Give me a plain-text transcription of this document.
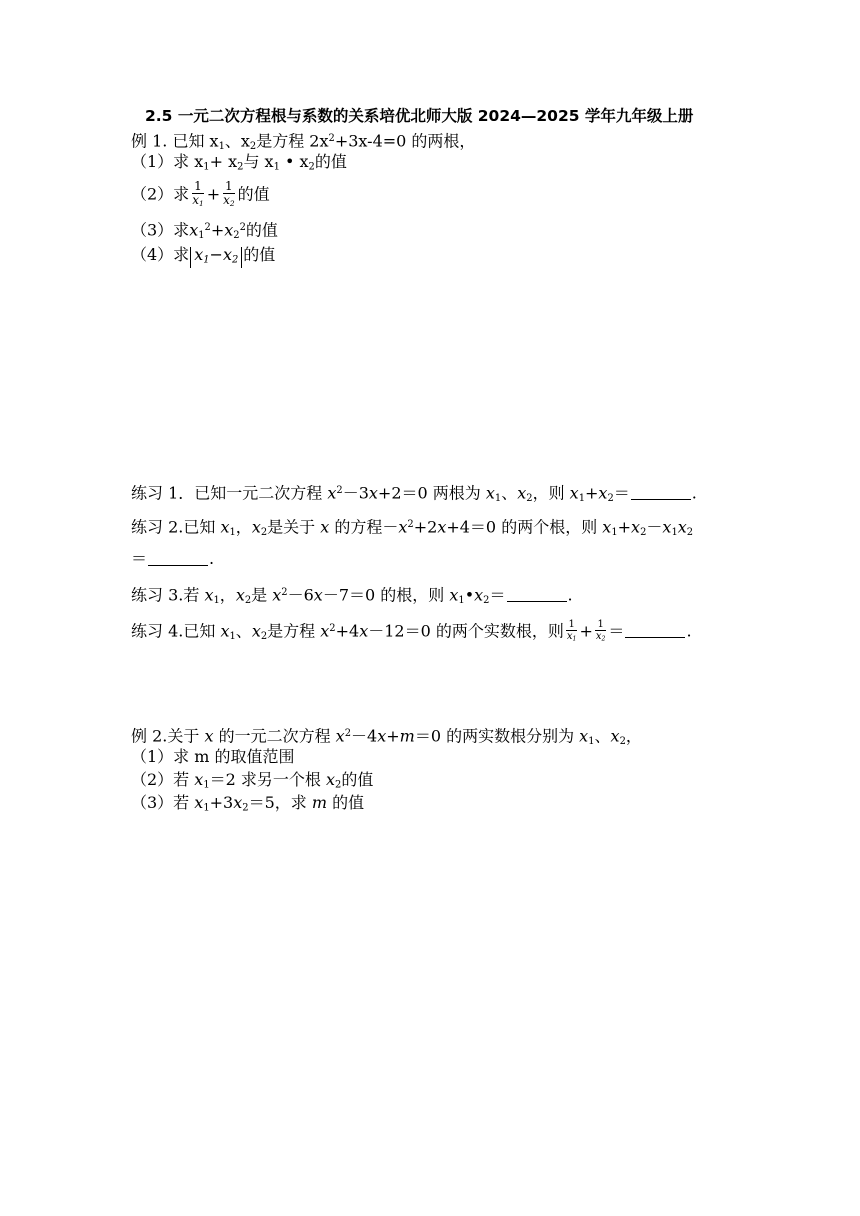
2.5 一元二次方程根与系数的关系培优北师大版 2024—2025 学年九年级上册
例 1. 已知 $x_1$、$x_2$是方程 $2x^2+3x-4=0$ 的两根，
（1）求 $x_1+ x_2$与 $x_1$ • $x_2$的值
（2）求 $\frac{1}{x_1} + \frac{1}{x_2}$ 的值
（3）求$x_1^2+x_2^2$的值
（4）求 $x_1-x_2$ 的值
练习 1．已知一元二次方程 $x^2-3x+2=0$ 两根为 $x_1$、$x_2$，则 $x_1+x_2=$	.
练习 2.已知 $x_1$，$x_2$是关于 x 的方程$-x^2+2x+4=0$ 的两个根，则 $x_1+x_2-x_1x_2$
＝	.
练习 3.若 $x_1$，$x_2$是 $x^2-6x-7=0$ 的根，则 $x_1•x_2=$	.
练习 4.已知 $x_1$、$x_2$是方程 $x^2+4x-12=0$ 的两个实数根，则 $\frac{1}{x_1} + \frac{1}{x_2}$ ＝	.
例 2.关于 x 的一元二次方程 $x^2-4x+m=0$ 的两实数根分别为 $x_1$、$x_2$，
（1）求 m 的取值范围
（2）若 $x_1=2$ 求另一个根 $x_2$的值
（3）若 $x_1+3x_2=5$，求 m 的值
